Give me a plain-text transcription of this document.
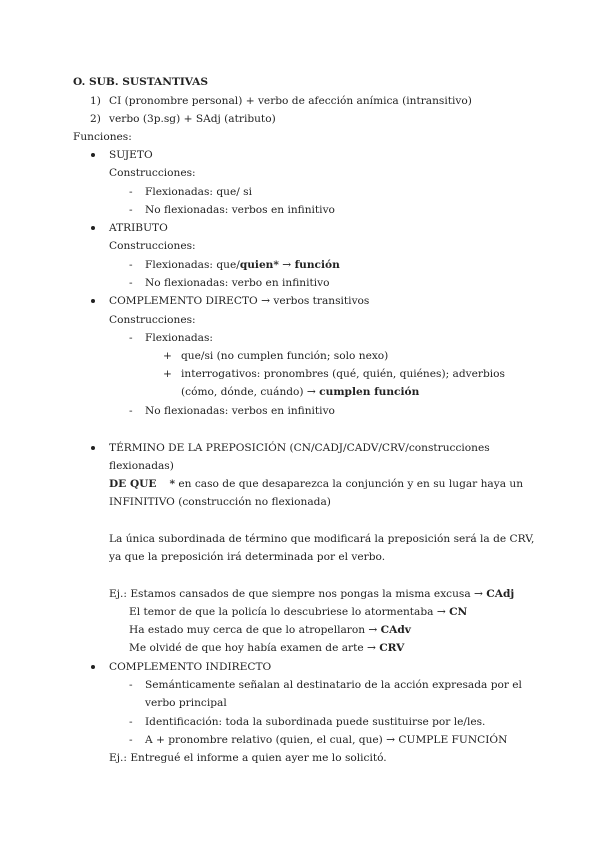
O. SUB. SUSTANTIVAS
1) CI (pronombre personal) + verbo de afección anímica (intransitivo)
2) verbo (3p.sg) + SAdj (atributo)
Funciones:
SUJETO
Construcciones:
- Flexionadas: que/ si
- No flexionadas: verbos en infinitivo
ATRIBUTO
Construcciones:
- Flexionadas: que/quien* → función
- No flexionadas: verbo en infinitivo
COMPLEMENTO DIRECTO → verbos transitivos
Construcciones:
- Flexionadas:
+ que/si (no cumplen función; solo nexo)
+ interrogativos: pronombres (qué, quién, quiénes); adverbios
(cómo, dónde, cuándo) → cumplen función
- No flexionadas: verbos en infinitivo
TÉRMINO DE LA PREPOSICIÓN (CN/CADJ/CADV/CRV/construcciones
flexionadas)
DE QUE * en caso de que desaparezca la conjunción y en su lugar haya un
INFINITIVO (construcción no flexionada)
La única subordinada de término que modificará la preposición será la de CRV,
ya que la preposición irá determinada por el verbo.
Ej.: Estamos cansados de que siempre nos pongas la misma excusa → CAdj
El temor de que la policía lo descubriese lo atormentaba → CN
Ha estado muy cerca de que lo atropellaron → CAdv
Me olvidé de que hoy había examen de arte → CRV
COMPLEMENTO INDIRECTO
- Semánticamente señalan al destinatario de la acción expresada por el
verbo principal
- Identificación: toda la subordinada puede sustituirse por le/les.
- A + pronombre relativo (quien, el cual, que) → CUMPLE FUNCIÓN
Ej.: Entregué el informe a quien ayer me lo solicitó.
